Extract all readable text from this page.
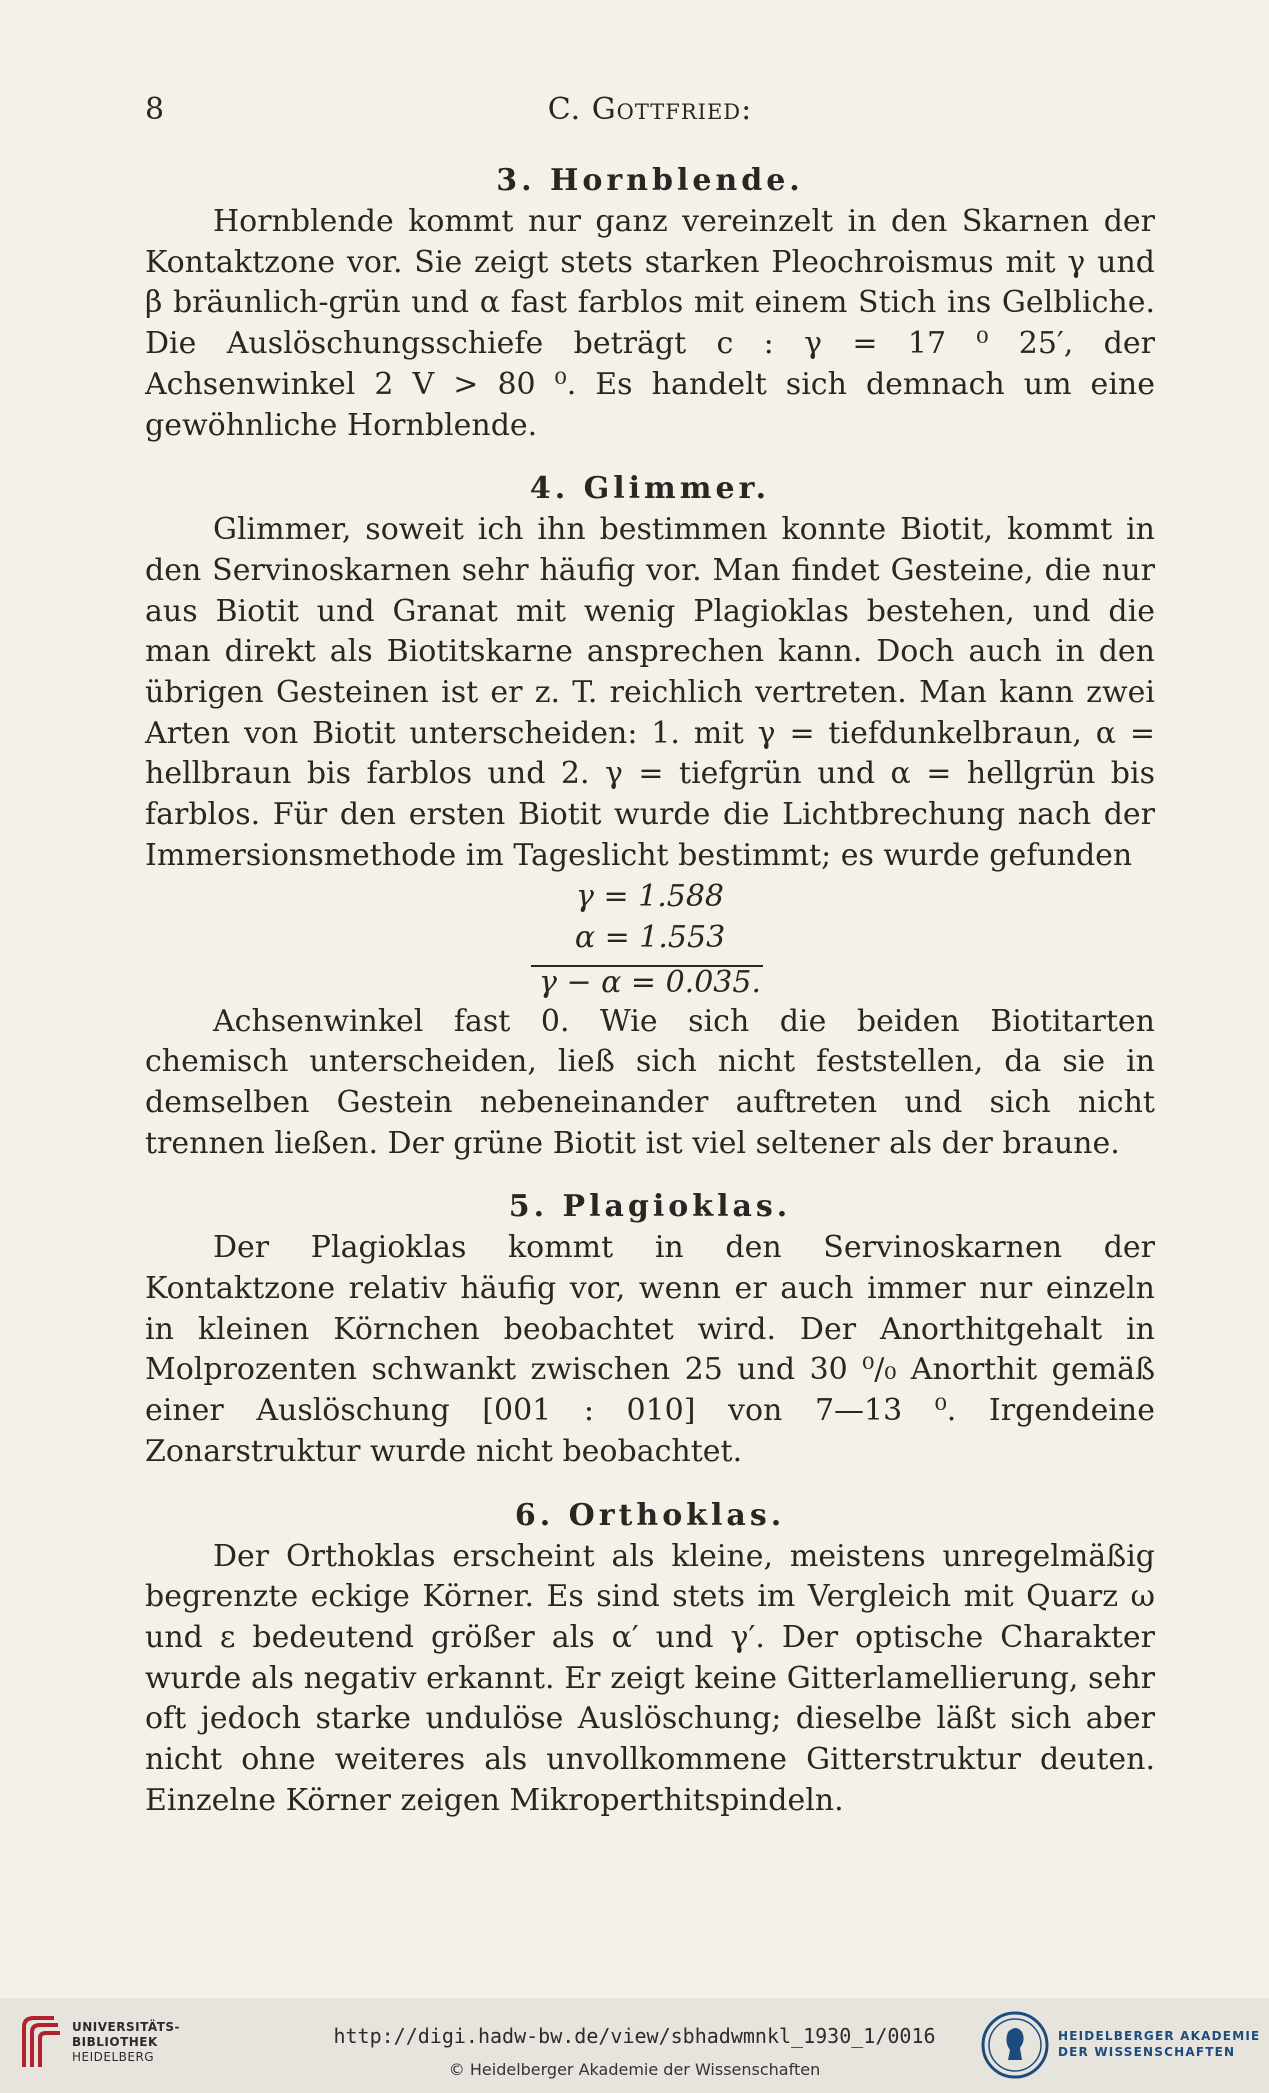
8	C. Gottfried:
3. Hornblende.

Hornblende kommt nur ganz vereinzelt in den Skarnen der Kontaktzone vor. Sie zeigt stets starken Pleochroismus mit γ und β bräunlich-grün und α fast farblos mit einem Stich ins Gelbliche. Die Auslöschungsschiefe beträgt c : γ = 17 ⁰ 25′, der Achsenwinkel 2 V > 80 ⁰. Es handelt sich demnach um eine gewöhnliche Hornblende.

4. Glimmer.

Glimmer, soweit ich ihn bestimmen konnte Biotit, kommt in den Servinoskarnen sehr häufig vor. Man findet Gesteine, die nur aus Biotit und Granat mit wenig Plagioklas bestehen, und die man direkt als Biotitskarne ansprechen kann. Doch auch in den übrigen Gesteinen ist er z. T. reichlich vertreten. Man kann zwei Arten von Biotit unterscheiden: 1. mit γ = tiefdunkelbraun, α = hellbraun bis farblos und 2. γ = tiefgrün und α = hellgrün bis farblos. Für den ersten Biotit wurde die Lichtbrechung nach der Immersionsmethode im Tageslicht bestimmt; es wurde gefunden

γ = 1.588
α = 1.553
γ − α = 0.035.

Achsenwinkel fast 0. Wie sich die beiden Biotitarten chemisch unterscheiden, ließ sich nicht feststellen, da sie in demselben Gestein nebeneinander auftreten und sich nicht trennen ließen. Der grüne Biotit ist viel seltener als der braune.

5. Plagioklas.

Der Plagioklas kommt in den Servinoskarnen der Kontaktzone relativ häufig vor, wenn er auch immer nur einzeln in kleinen Körnchen beobachtet wird. Der Anorthitgehalt in Molprozenten schwankt zwischen 25 und 30 ⁰/₀ Anorthit gemäß einer Auslöschung [001 : 010] von 7—13 ⁰. Irgendeine Zonarstruktur wurde nicht beobachtet.

6. Orthoklas.

Der Orthoklas erscheint als kleine, meistens unregelmäßig begrenzte eckige Körner. Es sind stets im Vergleich mit Quarz ω und ε bedeutend größer als α′ und γ′. Der optische Charakter wurde als negativ erkannt. Er zeigt keine Gitterlamellierung, sehr oft jedoch starke undulöse Auslöschung; dieselbe läßt sich aber nicht ohne weiteres als unvollkommene Gitterstruktur deuten. Einzelne Körner zeigen Mikroperthitspindeln.

UNIVERSITÄTS-
BIBLIOTHEK
HEIDELBERG
http://digi.hadw-bw.de/view/sbhadwmnkl_1930_1/0016
© Heidelberger Akademie der Wissenschaften
HEIDELBERGER AKADEMIE
DER WISSENSCHAFTEN
